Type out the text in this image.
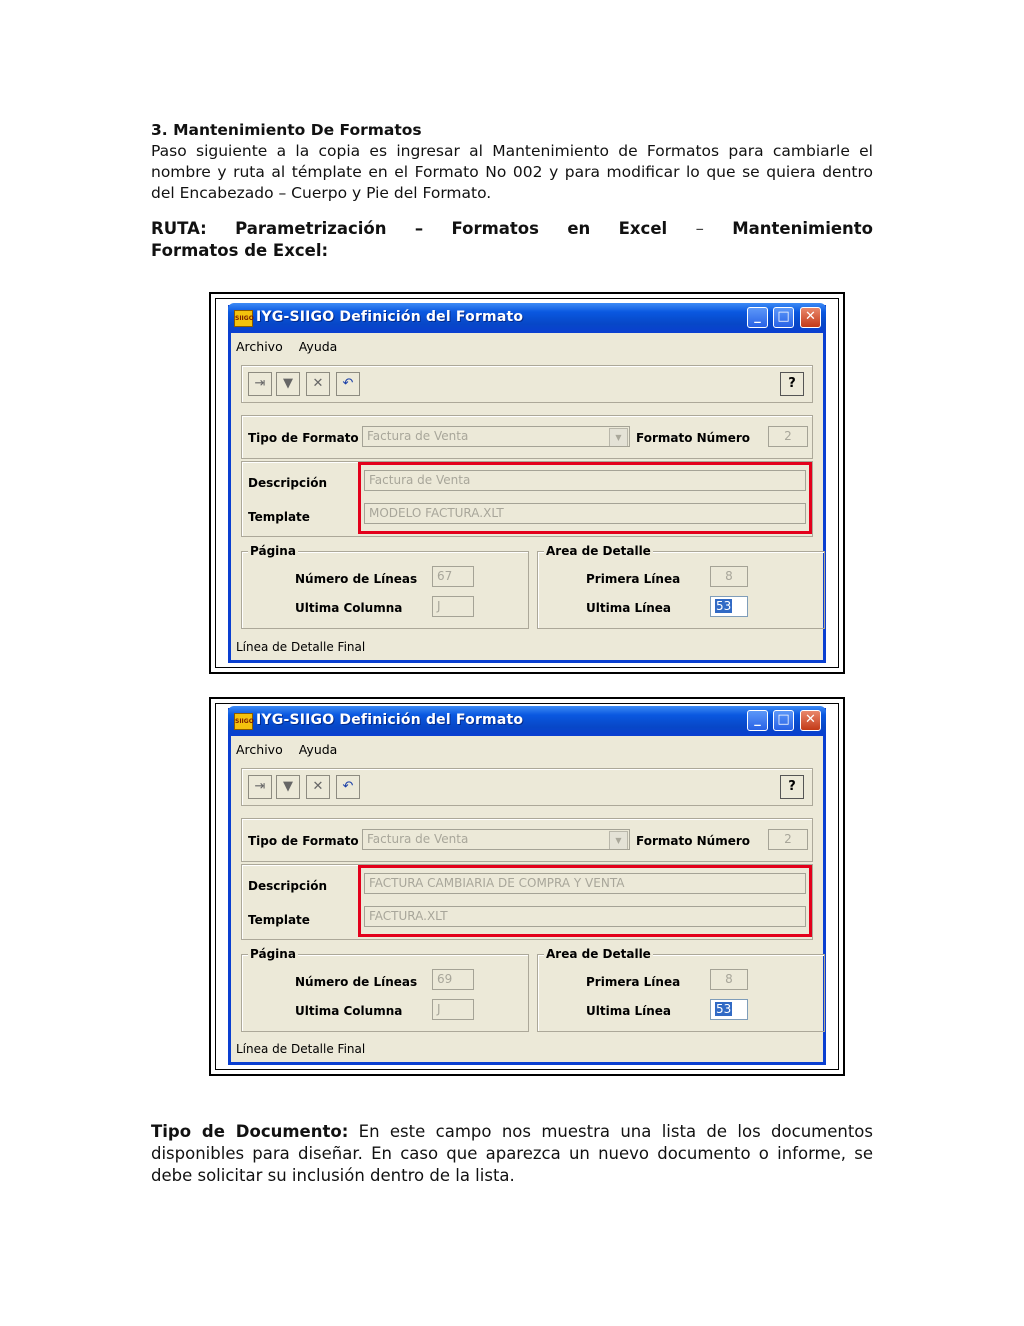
3. Mantenimiento De Formatos

Paso siguiente a la copia es ingresar al Mantenimiento de Formatos para cambiarle el nombre y ruta al témplate en el Formato No 002 y para modificar lo que se quiera dentro del Encabezado – Cuerpo y Pie del Formato.

RUTA: Parametrización – Formatos en Excel – Mantenimiento
Formatos de Excel:
SIIGO IYG-SIIGO Definición del Formato	_	□	✕
Archivo Ayuda
⇥	▼	✕	↶	?
Tipo de Formato Factura de Venta	▼	Formato Número	2
Descripción
Template
Factura de Venta
MODELO FACTURA.XLT
Página
Número de Líneas	67
Ultima Columna	J
Area de Detalle
Primera Línea	8
Ultima Línea	53
Línea de Detalle Final
SIIGO IYG-SIIGO Definición del Formato	_	□	✕
Archivo Ayuda
⇥	▼	✕	↶	?
Tipo de Formato Factura de Venta	▼	Formato Número	2
Descripción
Template
FACTURA CAMBIARIA DE COMPRA Y VENTA
FACTURA.XLT
Página
Número de Líneas	69
Ultima Columna	J
Area de Detalle
Primera Línea	8
Ultima Línea	53
Línea de Detalle Final
Tipo de Documento: En este campo nos muestra una lista de los documentos disponibles para diseñar. En caso que aparezca un nuevo documento o informe, se debe solicitar su inclusión dentro de la lista.
